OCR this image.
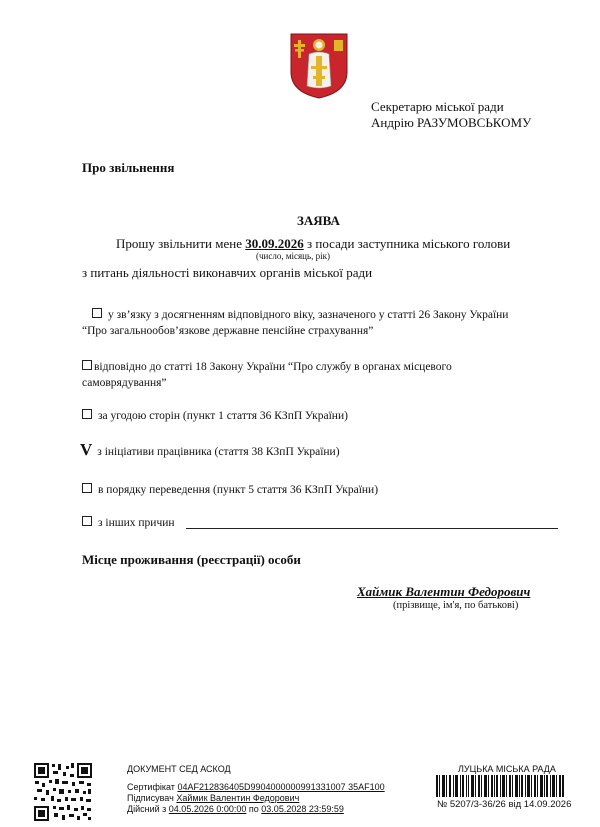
Секретарю міської ради
Андрію РАЗУМОВСЬКОМУ
Про звільнення
ЗАЯВА
Прошу звільнити мене 30.09.2026 з посади заступника міського голови
(число, місяць, рік)
з питань діяльності виконавчих органів міської ради
у зв’язку з досягненням відповідного віку, зазначеного у статті 26 Закону України
“Про загальнообов’язкове державне пенсійне страхування”
відповідно до статті 18 Закону України “Про службу в органах місцевого
самоврядування”
за угодою сторін (пункт 1 стаття 36 КЗпП України)
V з ініціативи працівника (стаття 38 КЗпП України)
в порядку переведення (пункт 5 стаття 36 КЗпП України)
з інших причин
Місце проживання (реєстрації) особи
Хаймик Валентин Федорович
(прізвище, ім'я, по батькові)
ДОКУМЕНТ СЕД АСКОД
Сертифікат 04AF212836405D9904000000991331007 35AF100
Підписувач Хаймик Валентин Федорович
Дійсний з 04.05.2026 0:00:00 по 03.05.2028 23:59:59
ЛУЦЬКА МІСЬКА РАДА
№ 5207/3-36/26 від 14.09.2026
